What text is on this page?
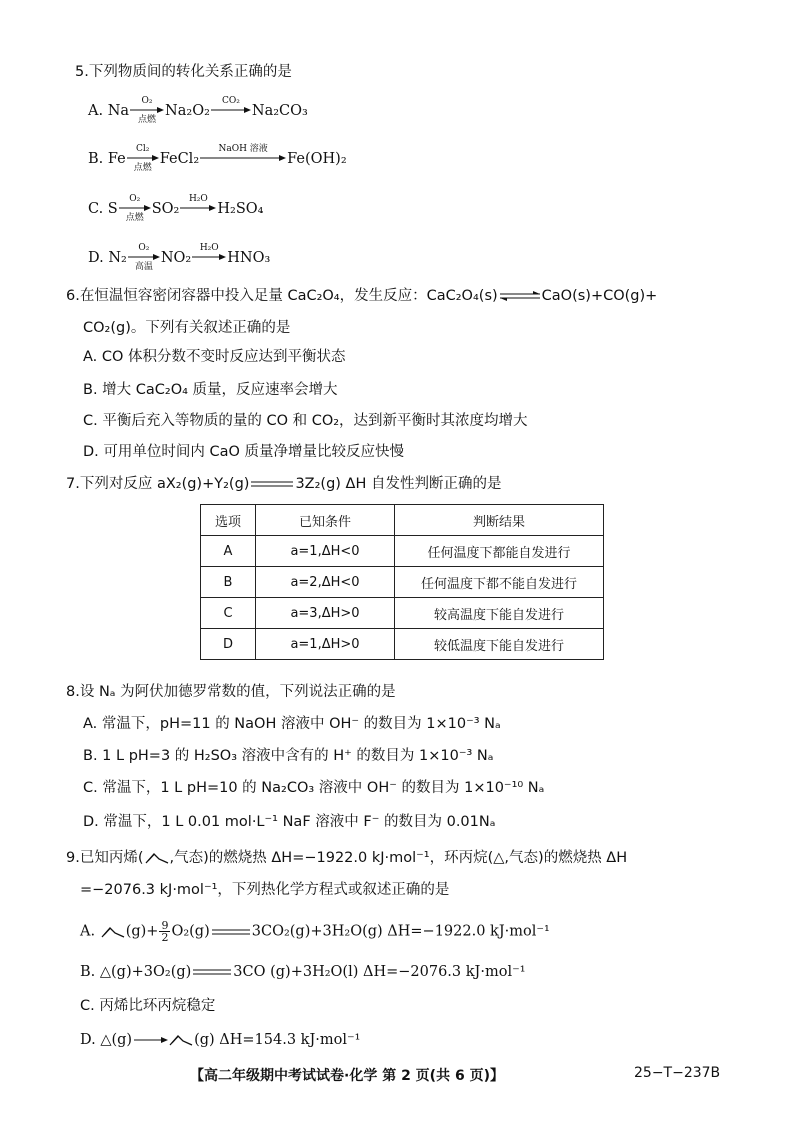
5.下列物质间的转化关系正确的是
A. Na
O₂
点燃
Na₂O₂
CO₂
Na₂CO₃
B. Fe
Cl₂
点燃
FeCl₂
NaOH 溶液
Fe(OH)₂
C. S
O₂
点燃
SO₂
H₂O
H₂SO₄
D. N₂
O₂
高温
NO₂
H₂O
HNO₃
6.在恒温恒容密闭容器中投入足量 CaC₂O₄，发生反应：CaC₂O₄(s) ⇌ CaO(s)+CO(g)+
CO₂(g)。下列有关叙述正确的是
A. CO 体积分数不变时反应达到平衡状态
B. 增大 CaC₂O₄ 质量，反应速率会增大
C. 平衡后充入等物质的量的 CO 和 CO₂，达到新平衡时其浓度均增大
D. 可用单位时间内 CaO 质量净增量比较反应快慢
7.下列对反应 aX₂(g)+Y₂(g)	3Z₂(g) ΔH 自发性判断正确的是
选项	已知条件	判断结果
A	a=1,ΔH<0	任何温度下都能自发进行
B	a=2,ΔH<0	任何温度下都不能自发进行
C	a=3,ΔH>0	较高温度下能自发进行
D	a=1,ΔH>0	较低温度下能自发进行
8.设 Nₐ 为阿伏加德罗常数的值，下列说法正确的是
A. 常温下，pH=11 的 NaOH 溶液中 OH⁻ 的数目为 1×10⁻³ Nₐ
B. 1 L pH=3 的 H₂SO₃ 溶液中含有的 H⁺ 的数目为 1×10⁻³ Nₐ
C. 常温下，1 L pH=10 的 Na₂CO₃ 溶液中 OH⁻ 的数目为 1×10⁻¹⁰ Nₐ
D. 常温下，1 L 0.01 mol·L⁻¹ NaF 溶液中 F⁻ 的数目为 0.01Nₐ
9.已知丙烯( ,气态)的燃烧热 ΔH=−1922.0 kJ·mol⁻¹，环丙烷(△,气态)的燃烧热 ΔH
=−2076.3 kJ·mol⁻¹，下列热化学方程式或叙述正确的是
A. $(g)+ \frac{9}{2} O_2(g)$	3CO₂(g)+3H₂O(g) ΔH=−1922.0 kJ·mol⁻¹
B. △(g)+3O₂(g)	3CO (g)+3H₂O(l) ΔH=−2076.3 kJ·mol⁻¹
C. 丙烯比环丙烷稳定
D. △(g)→ (g) ΔH=154.3 kJ·mol⁻¹
【高二年级期中考试试卷·化学 第 2 页(共 6 页)】	25−T−237B
